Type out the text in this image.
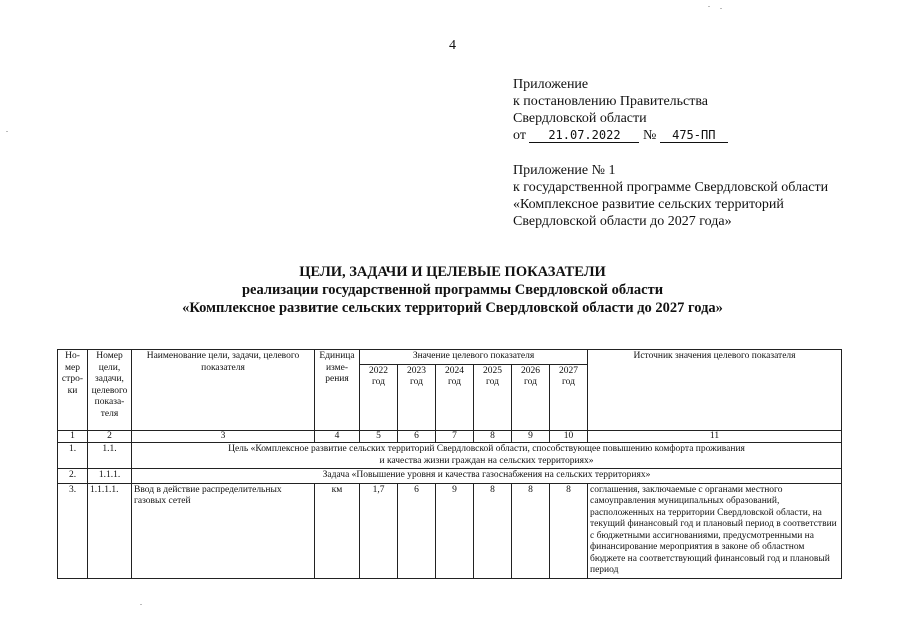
4
Приложение
к постановлению Правительства
Свердловской области
от 21.07.2022 № 475-ПП
Приложение № 1
к государственной программе Свердловской области
«Комплексное развитие сельских территорий
Свердловской области до 2027 года»
ЦЕЛИ, ЗАДАЧИ И ЦЕЛЕВЫЕ ПОКАЗАТЕЛИ
реализации государственной программы Свердловской области
«Комплексное развитие сельских территорий Свердловской области до 2027 года»
Но-мер стро-ки	Номер цели, задачи, целевого показа-теля	Наименование цели, задачи, целевого показателя	Единица изме-рения	Значение целевого показателя						Источник значения целевого показателя
				2022 год	2023 год	2024 год	2025 год	2026 год	2027 год	
1	2	3	4	5	6	7	8	9	10	11
1.	1.1.	Цель «Комплексное развитие сельских территорий Свердловской области, способствующее повышению комфорта проживания
и качества жизни граждан на сельских территориях»								

2.	1.1.1.	Задача «Повышение уровня и качества газоснабжения на сельских территориях»								
3.	1.1.1.1.	Ввод в действие распределительных газовых сетей	км	1,7	6	9	8	8	8	соглашения, заключаемые с органами местного самоуправления муниципальных образований, расположенных на территории Свердловской области, на текущий финансовый год и плановый период в соответствии с бюджетными ассигнованиями, предусмотренными на финансирование мероприятия в законе об областном бюджете на соответствующий финансовый год и плановый период
